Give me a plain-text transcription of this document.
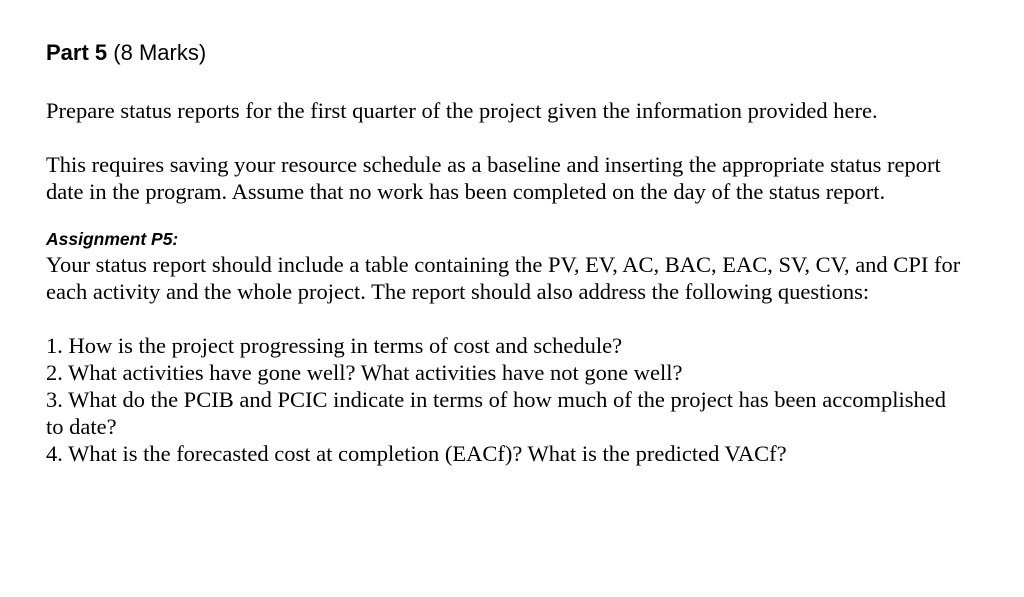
Part 5 (8 Marks)

Prepare status reports for the first quarter of the project given the information provided here.

This requires saving your resource schedule as a baseline and inserting the appropriate status report date in the program. Assume that no work has been completed on the day of the status report.

Assignment P5:

Your status report should include a table containing the PV, EV, AC, BAC, EAC, SV, CV, and CPI for each activity and the whole project. The report should also address the following questions:

1. How is the project progressing in terms of cost and schedule?
2. What activities have gone well? What activities have not gone well?
3. What do the PCIB and PCIC indicate in terms of how much of the project has been accomplished to date?
4. What is the forecasted cost at completion (EACf)? What is the predicted VACf?
